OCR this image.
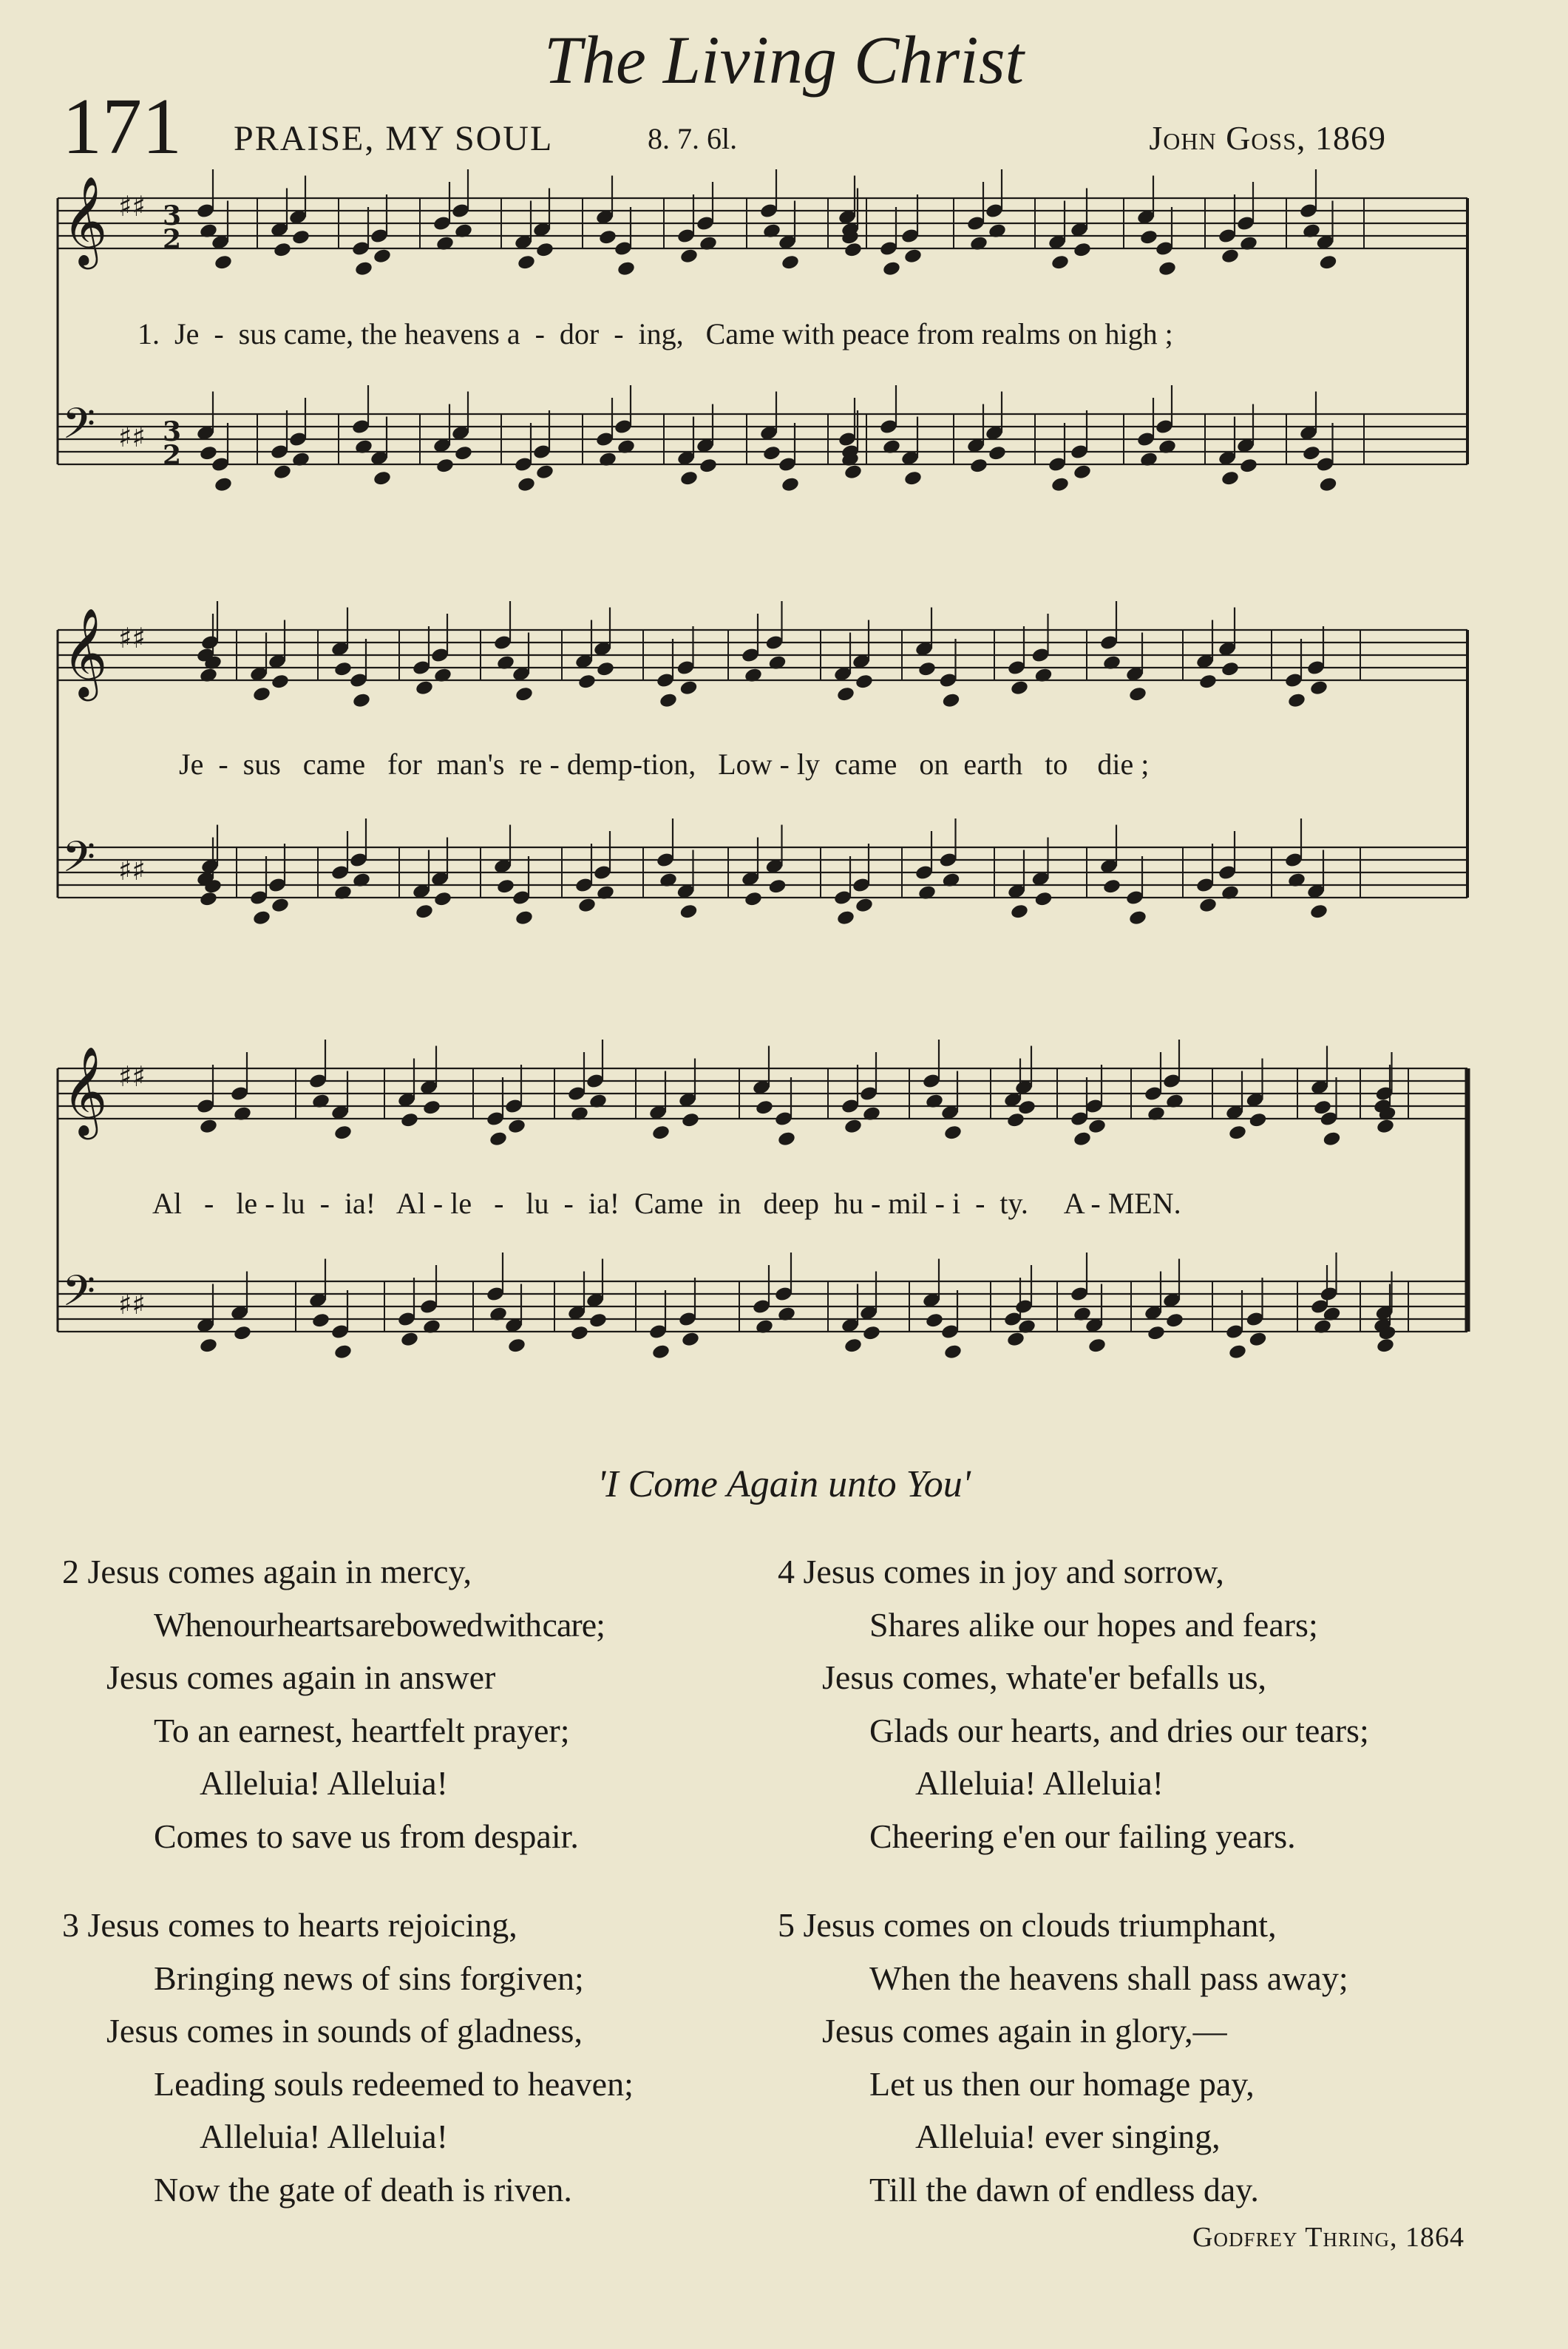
The Living Christ
171 PRAISE, MY SOUL	8. 7. 6l.	John Goss, 1869
𝄞 ♯♯
𝄢 ♯♯
𝄞 ♯♯
𝄢 ♯♯
𝄞 ♯♯
𝄢 ♯♯
3
2
3
2
1.  Je  -  sus came, the heavens a  -  dor  -  ing,   Came with peace from realms on high ;
Je  -  sus   came   for  man's  re - demp-tion,   Low - ly  came   on  earth   to    die ;
Al   -   le - lu  -  ia!   Al - le   -   lu  -  ia!  Came  in   deep  hu - mil - i  -  ty.     A - MEN.
'I Come Again unto You'
2 Jesus comes again in mercy,
When our hearts are bowed with care;
Jesus comes again in answer
To an earnest, heartfelt prayer;
Alleluia! Alleluia!
Comes to save us from despair.
3 Jesus comes to hearts rejoicing,
Bringing news of sins forgiven;
Jesus comes in sounds of gladness,
Leading souls redeemed to heaven;
Alleluia! Alleluia!
Now the gate of death is riven.
4 Jesus comes in joy and sorrow,
Shares alike our hopes and fears;
Jesus comes, whate'er befalls us,
Glads our hearts, and dries our tears;
Alleluia! Alleluia!
Cheering e'en our failing years.
5 Jesus comes on clouds triumphant,
When the heavens shall pass away;
Jesus comes again in glory,—
Let us then our homage pay,
Alleluia! ever singing,
Till the dawn of endless day.
Godfrey Thring, 1864
